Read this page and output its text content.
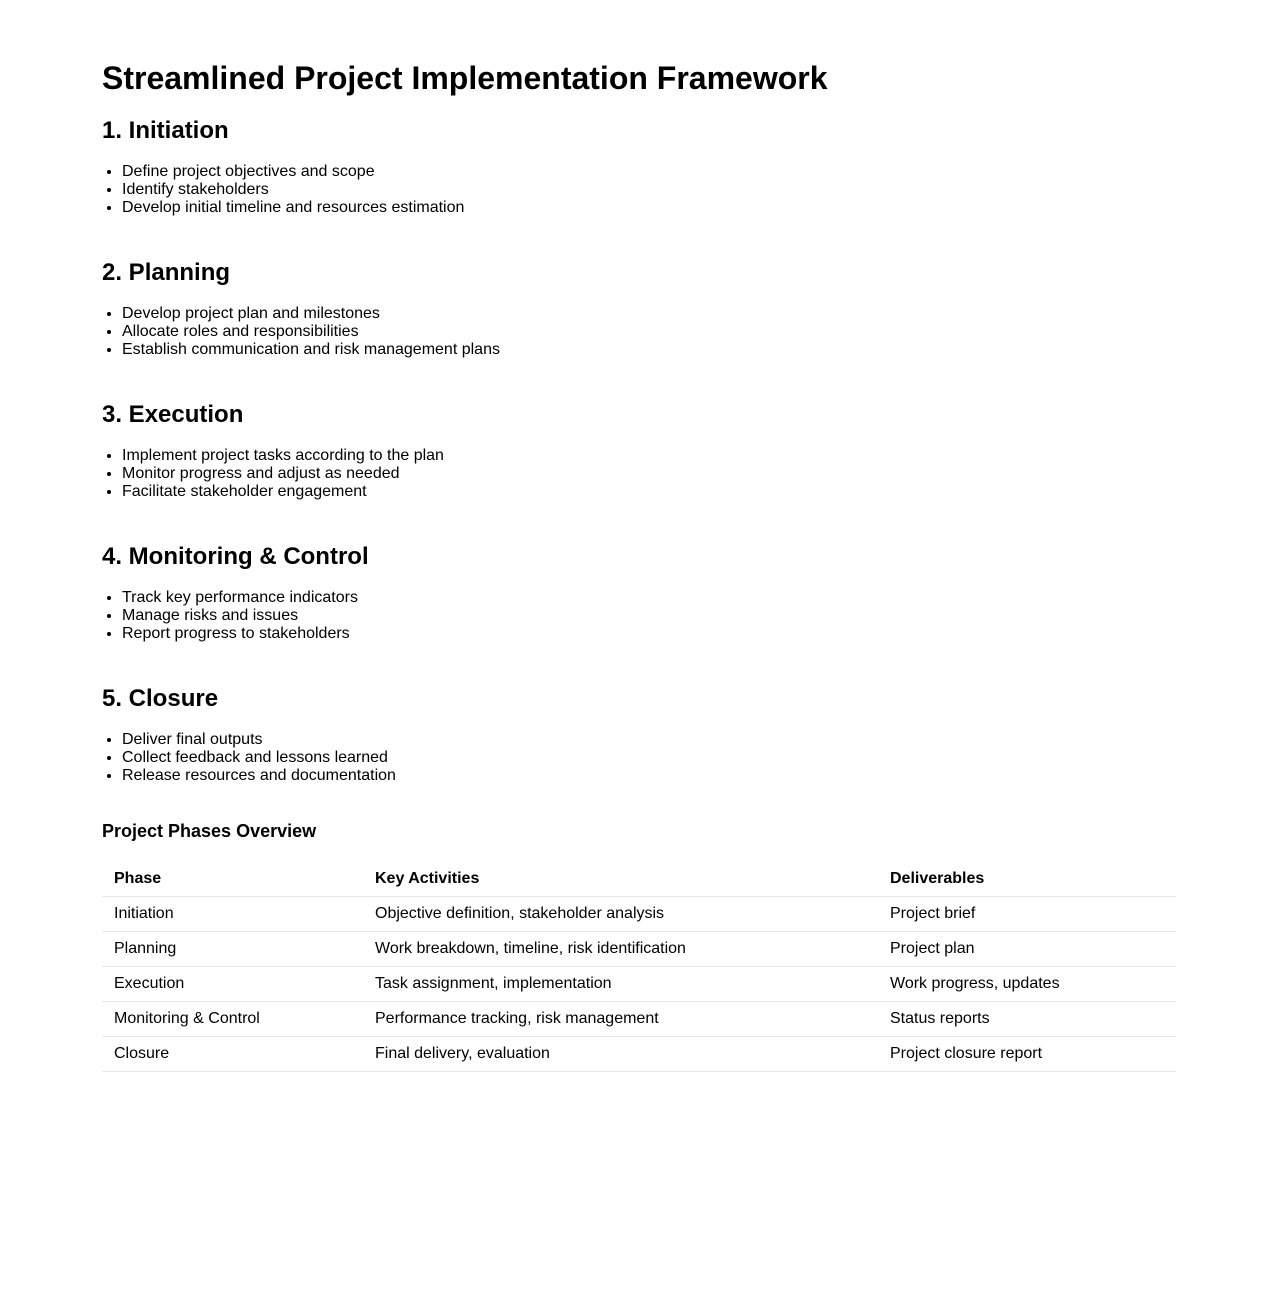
Streamlined Project Implementation Framework
1. Initiation
• Define project objectives and scope
• Identify stakeholders
• Develop initial timeline and resources estimation
2. Planning
• Develop project plan and milestones
• Allocate roles and responsibilities
• Establish communication and risk management plans
3. Execution
• Implement project tasks according to the plan
• Monitor progress and adjust as needed
• Facilitate stakeholder engagement
4. Monitoring & Control
• Track key performance indicators
• Manage risks and issues
• Report progress to stakeholders
5. Closure
• Deliver final outputs
• Collect feedback and lessons learned
• Release resources and documentation
Project Phases Overview
Phase	Key Activities	Deliverables
Initiation	Objective definition, stakeholder analysis	Project brief
Planning	Work breakdown, timeline, risk identification	Project plan
Execution	Task assignment, implementation	Work progress, updates
Monitoring & Control	Performance tracking, risk management	Status reports
Closure	Final delivery, evaluation	Project closure report
